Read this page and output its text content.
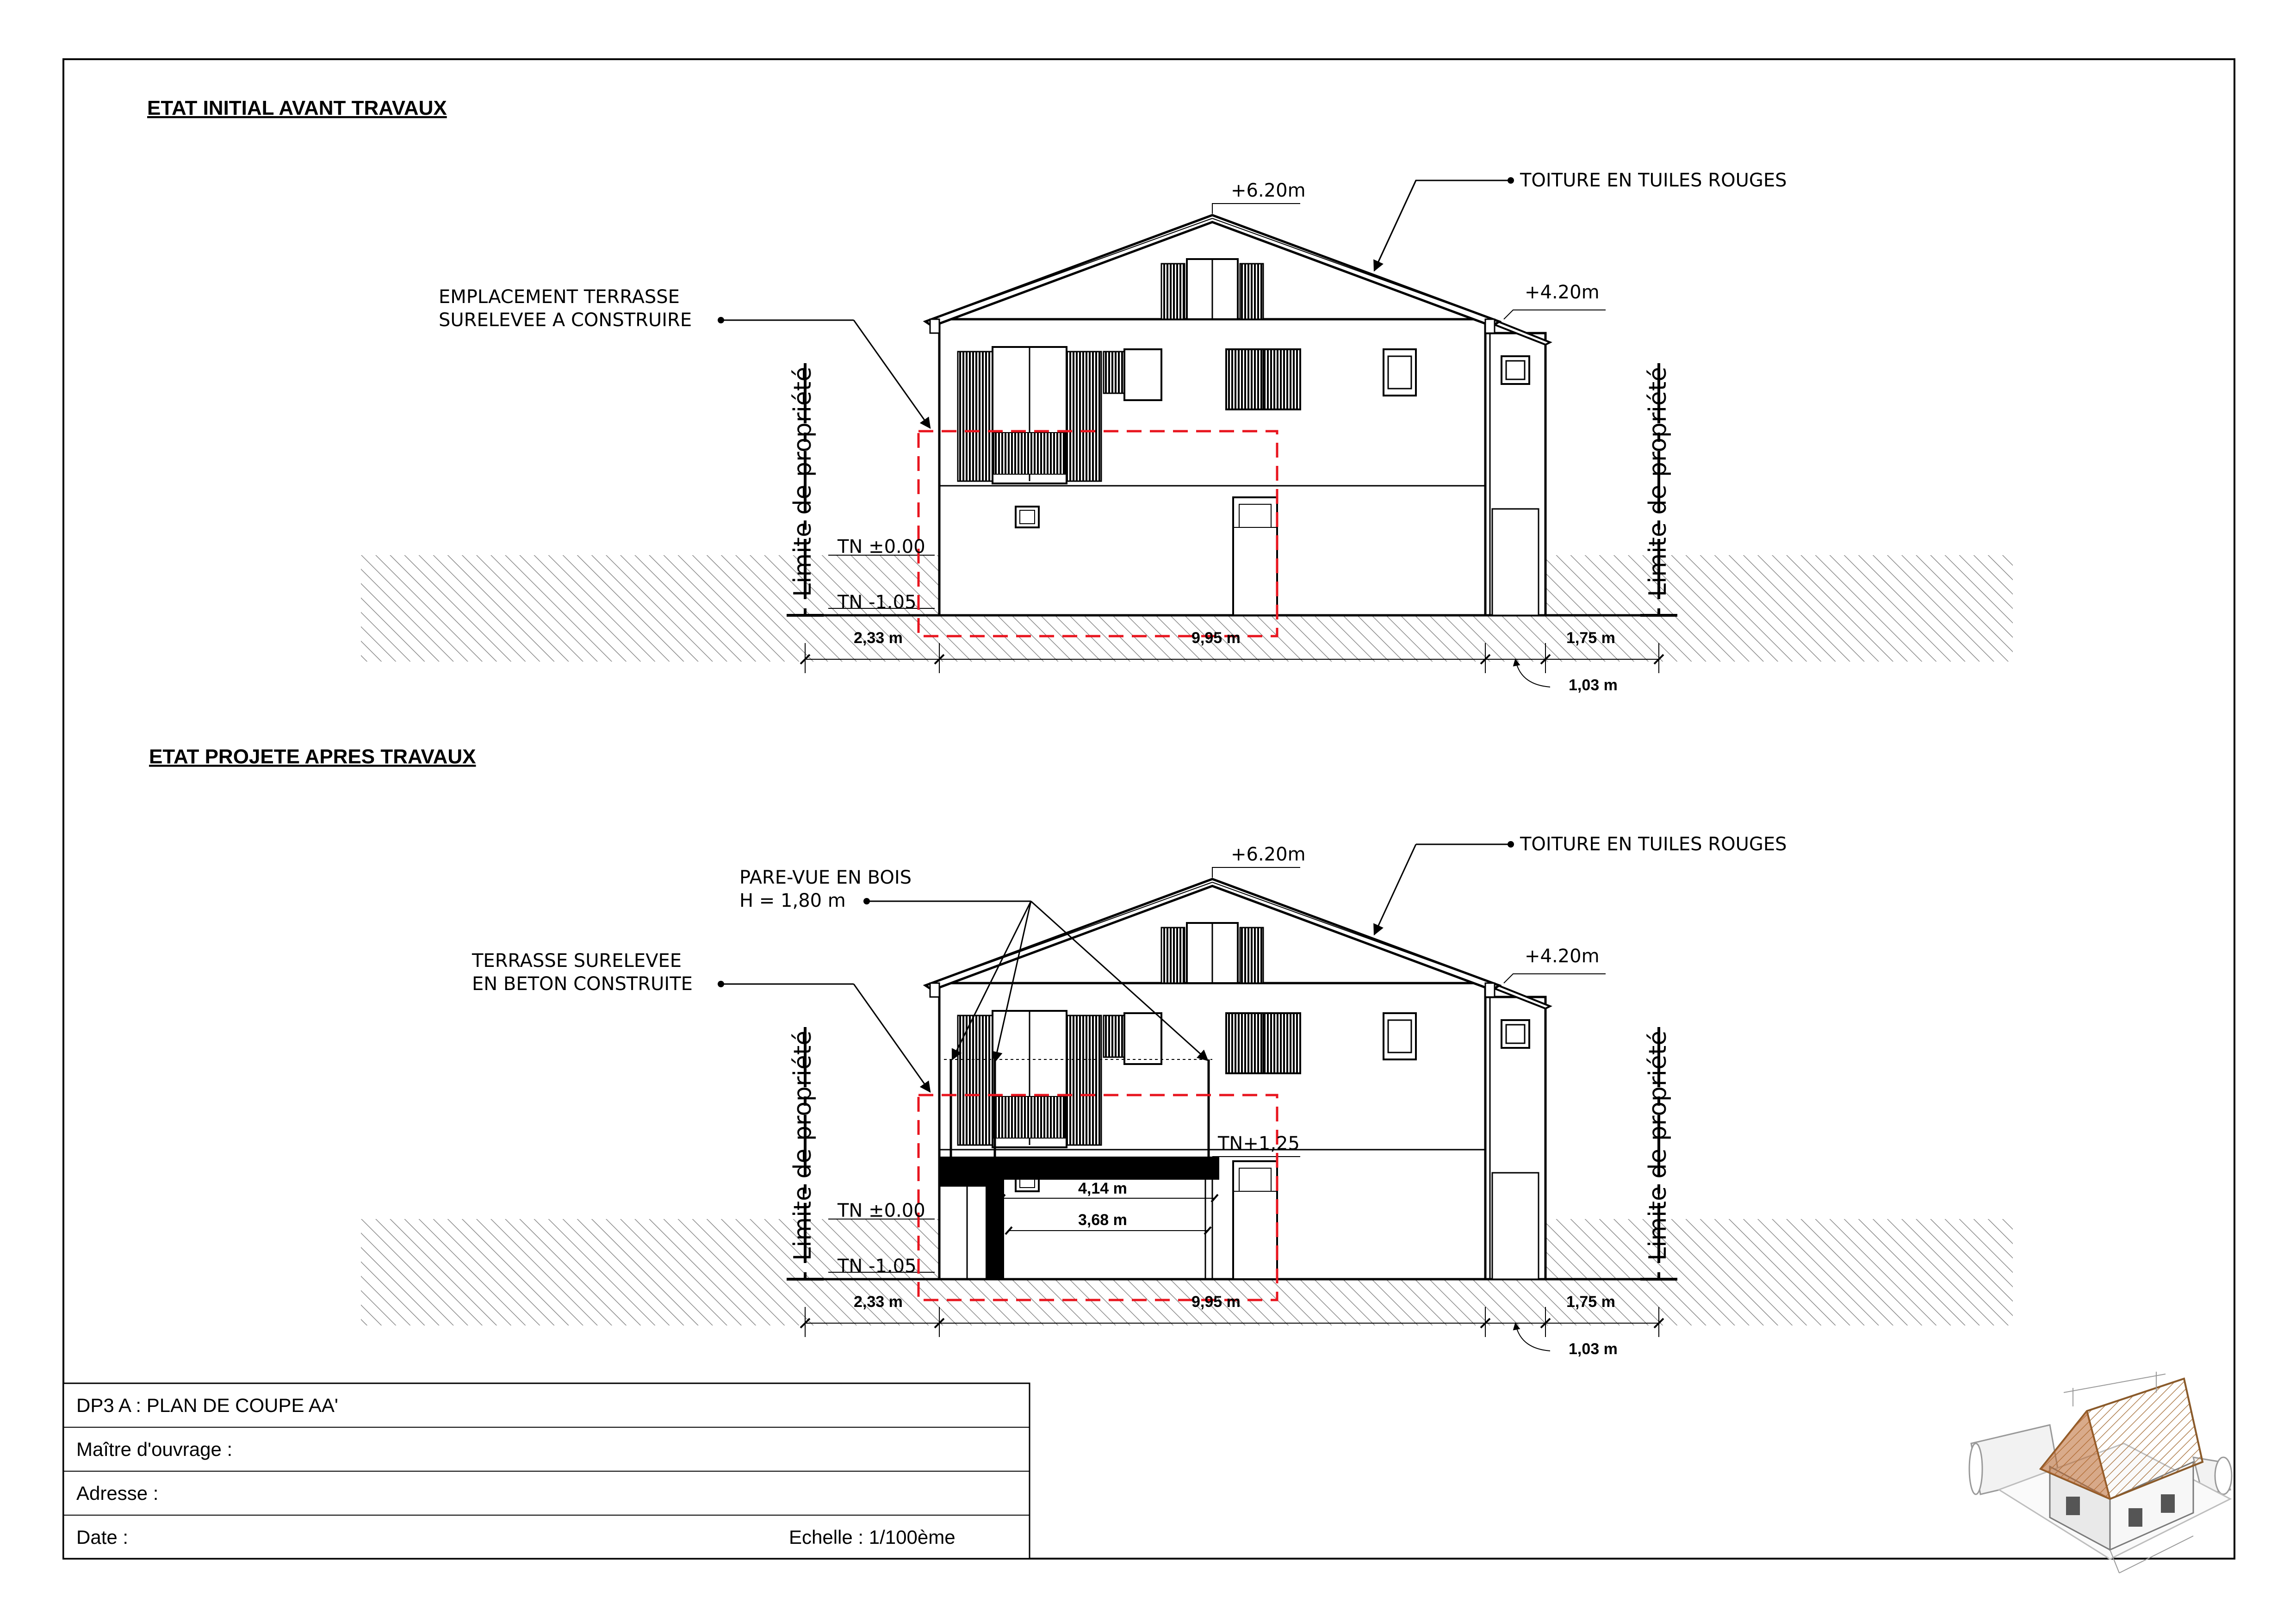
ETAT INITIAL AVANT TRAVAUX
TOITURE EN TUILES ROUGES
+6.20m
+4.20m
EMPLACEMENT TERRASSE
SURELEVEE A CONSTRUIRE
TN ±0.00
TN -1.05
Limite de propriété	Limite de propriété
2,33 m	9,95 m	1,75 m
1,03 m
ETAT PROJETE APRES TRAVAUX
TOITURE EN TUILES ROUGES
+6.20m
+4.20m
PARE-VUE EN BOIS
H = 1,80 m
TERRASSE SURELEVEE
EN BETON CONSTRUITE
TN+1,25
4,14 m
3,68 m
TN ±0.00
TN -1.05
Limite de propriété	Limite de propriété
2,33 m	9,95 m	1,75 m
1,03 m
DP3 A : PLAN DE COUPE AA'
Maître d'ouvrage :
Adresse :
Date :	Echelle : 1/100ème
